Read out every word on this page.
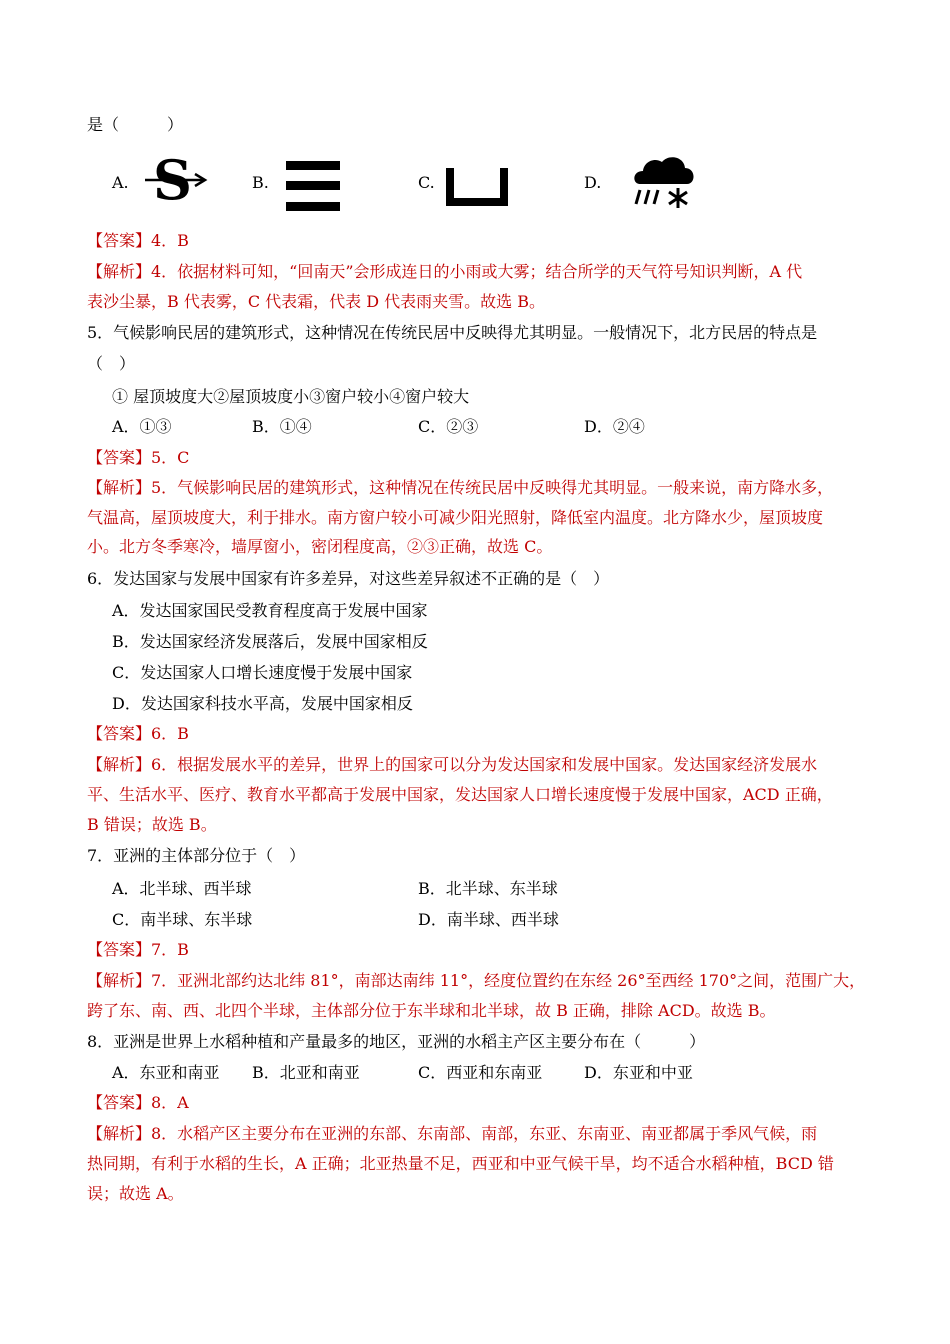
是（　　　）
A. S	B.	C.	D.
【答案】4．B
【解析】4．依据材料可知，“回南天”会形成连日的小雨或大雾；结合所学的天气符号知识判断，A 代
表沙尘暴，B 代表雾，C 代表霜，代表 D 代表雨夹雪。故选 B。
5．气候影响民居的建筑形式，这种情况在传统民居中反映得尤其明显。一般情况下，北方民居的特点是
（　）
① 屋顶坡度大②屋顶坡度小③窗户较小④窗户较大
A．①③	B．①④	C．②③	D．②④
【答案】5．C
【解析】5．气候影响民居的建筑形式，这种情况在传统民居中反映得尤其明显。一般来说，南方降水多，
气温高，屋顶坡度大，利于排水。南方窗户较小可减少阳光照射，降低室内温度。北方降水少，屋顶坡度
小。北方冬季寒冷，墙厚窗小，密闭程度高，②③正确，故选 C。
6．发达国家与发展中国家有许多差异，对这些差异叙述不正确的是（　）
A．发达国家国民受教育程度高于发展中国家
B．发达国家经济发展落后，发展中国家相反
C．发达国家人口增长速度慢于发展中国家
D．发达国家科技水平高，发展中国家相反
【答案】6．B
【解析】6．根据发展水平的差异，世界上的国家可以分为发达国家和发展中国家。发达国家经济发展水
平、生活水平、医疗、教育水平都高于发展中国家，发达国家人口增长速度慢于发展中国家，ACD 正确，
B 错误；故选 B。
7．亚洲的主体部分位于（　）
A．北半球、西半球	B．北半球、东半球
C．南半球、东半球	D．南半球、西半球
【答案】7．B
【解析】7．亚洲北部约达北纬 81°，南部达南纬 11°，经度位置约在东经 26°至西经 170°之间，范围广大，
跨了东、南、西、北四个半球，主体部分位于东半球和北半球，故 B 正确，排除 ACD。故选 B。
8．亚洲是世界上水稻种植和产量最多的地区，亚洲的水稻主产区主要分布在（　　　）
A．东亚和南亚 B．北亚和南亚	C．西亚和东南亚	D．东亚和中亚
【答案】8．A
【解析】8．水稻产区主要分布在亚洲的东部、东南部、南部，东亚、东南亚、南亚都属于季风气候，雨
热同期，有利于水稻的生长，A 正确；北亚热量不足，西亚和中亚气候干旱，均不适合水稻种植，BCD 错
误；故选 A。
